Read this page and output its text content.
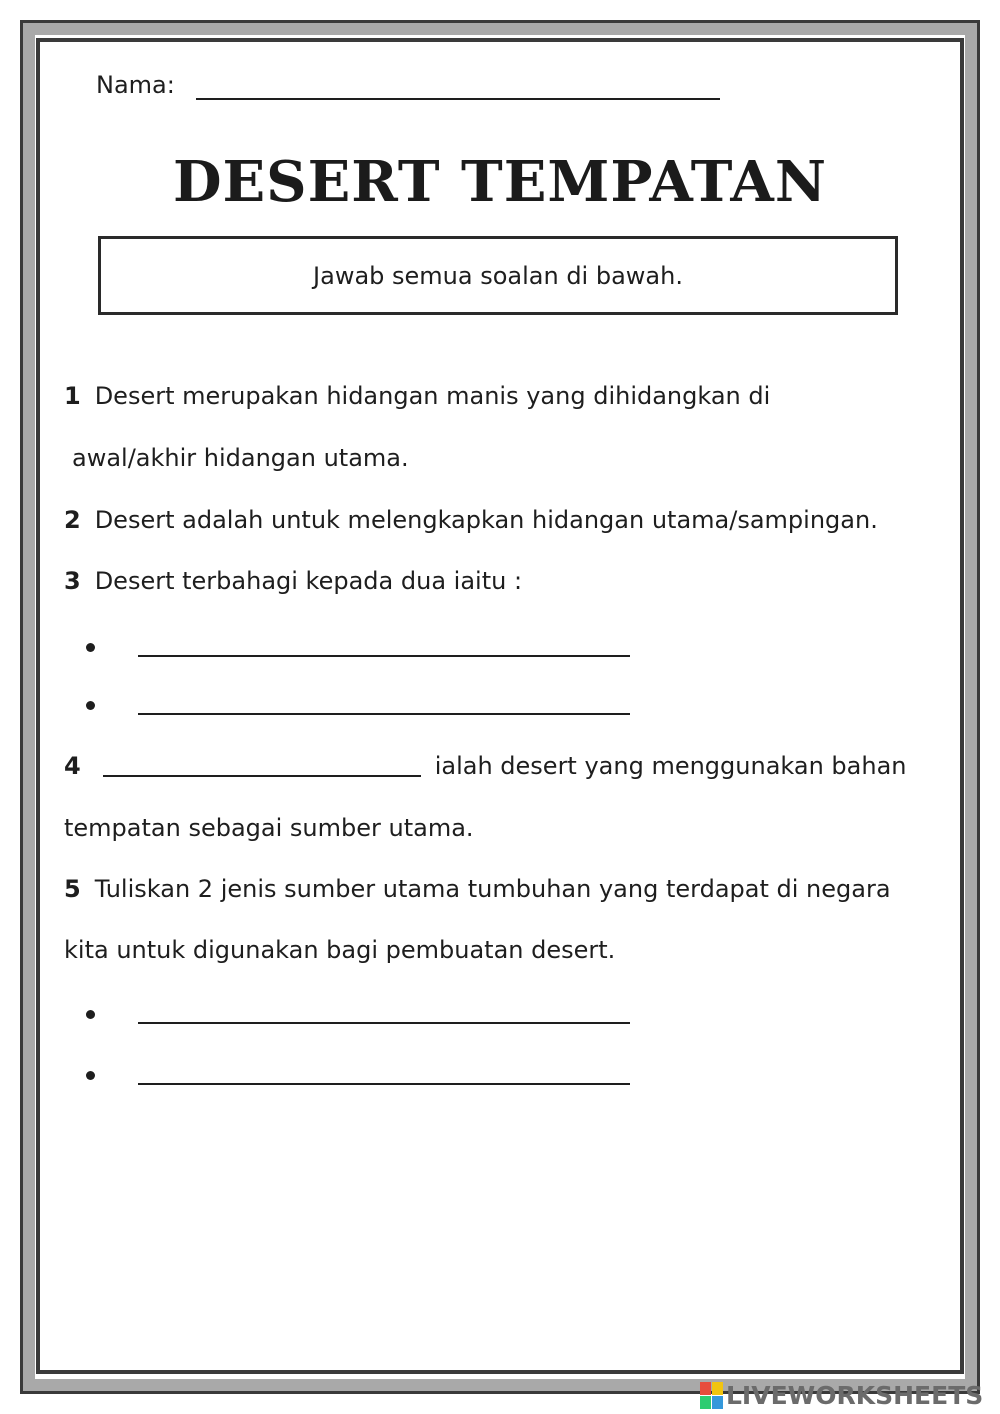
Nama:
DESERT TEMPATAN
Jawab semua soalan di bawah.
1 Desert merupakan hidangan manis yang dihidangkan di
awal/akhir hidangan utama.
2 Desert adalah untuk melengkapkan hidangan utama/sampingan.
3 Desert terbahagi kepada dua iaitu :
4	ialah desert yang menggunakan bahan
tempatan sebagai sumber utama.
5 Tuliskan 2 jenis sumber utama tumbuhan yang terdapat di negara
kita untuk digunakan bagi pembuatan desert.
LIVEWORKSHEETS
